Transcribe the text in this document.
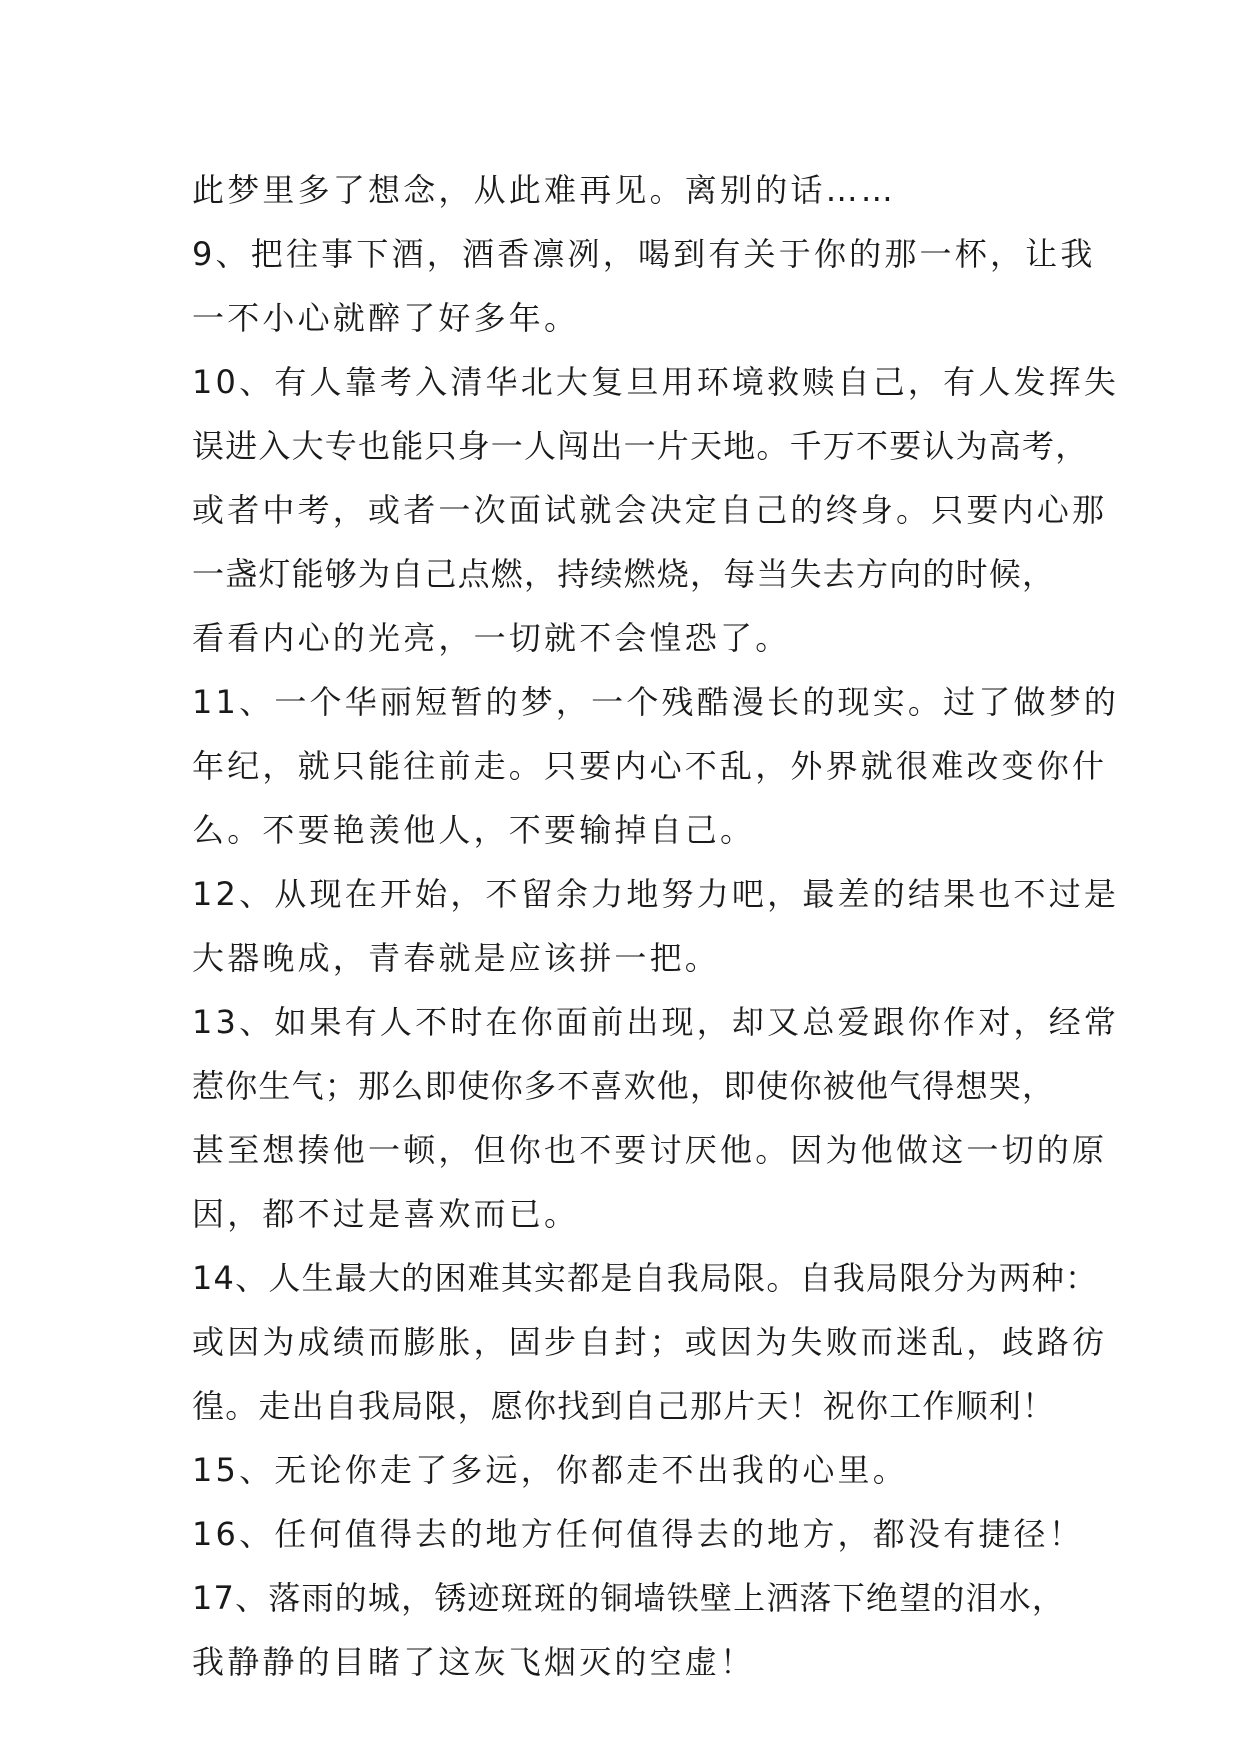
此梦里多了想念，从此难再见。离别的话……
9、把往事下酒，酒香凛冽，喝到有关于你的那一杯，让我
一不小心就醉了好多年。
10、有人靠考入清华北大复旦用环境救赎自己，有人发挥失
误进入大专也能只身一人闯出一片天地。千万不要认为高考，
或者中考，或者一次面试就会决定自己的终身。只要内心那
一盏灯能够为自己点燃，持续燃烧，每当失去方向的时候，
看看内心的光亮，一切就不会惶恐了。
11、一个华丽短暂的梦，一个残酷漫长的现实。过了做梦的
年纪，就只能往前走。只要内心不乱，外界就很难改变你什
么。不要艳羡他人，不要输掉自己。
12、从现在开始，不留余力地努力吧，最差的结果也不过是
大器晚成，青春就是应该拼一把。
13、如果有人不时在你面前出现，却又总爱跟你作对，经常
惹你生气；那么即使你多不喜欢他，即使你被他气得想哭，
甚至想揍他一顿，但你也不要讨厌他。因为他做这一切的原
因，都不过是喜欢而已。
14、人生最大的困难其实都是自我局限。自我局限分为两种：
或因为成绩而膨胀，固步自封；或因为失败而迷乱，歧路彷
徨。走出自我局限，愿你找到自己那片天！祝你工作顺利！
15、无论你走了多远，你都走不出我的心里。
16、任何值得去的地方任何值得去的地方，都没有捷径！
17、落雨的城，锈迹斑斑的铜墙铁壁上洒落下绝望的泪水，
我静静的目睹了这灰飞烟灭的空虚！
